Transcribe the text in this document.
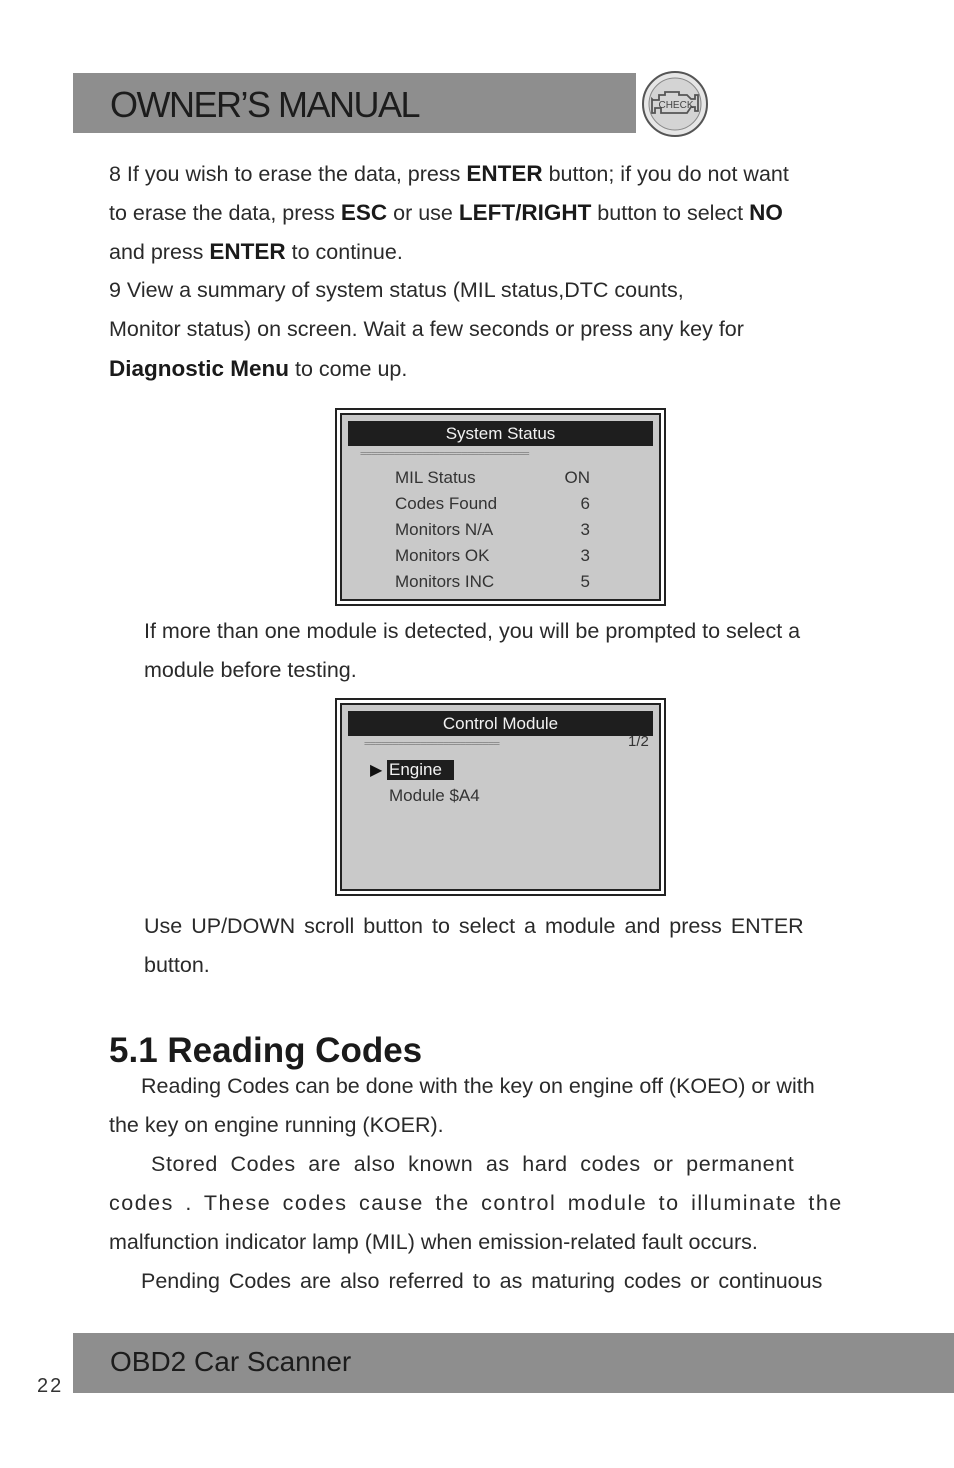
OWNER’S MANUAL	CHECK
8 If you wish to erase the data, press ENTER button; if you do not want
to erase the data, press ESC or use LEFT/RIGHT button to select NO
and press ENTER to continue.
9 View a summary of system status (MIL status,DTC counts,
Monitor status) on screen. Wait a few seconds or press any key for
Diagnostic Menu to come up.
System Status
==============================
MIL Status	ON
Codes Found	6
Monitors N/A	3
Monitors OK	3
Monitors INC	5
If more than one module is detected, you will be prompted to select a
module before testing.
Control Module
========================	1/2
▶ Engine
Module $A4
Use UP/DOWN scroll button to select a module and press ENTER
button.
5.1 Reading Codes
Reading Codes can be done with the key on engine off (KOEO) or with
the key on engine running (KOER).
Stored Codes are also known as hard codes or permanent
codes . These codes cause the control module to illuminate the
malfunction indicator lamp (MIL) when emission-related fault occurs.
Pending Codes are also referred to as maturing codes or continuous
OBD2 Car Scanner
22
